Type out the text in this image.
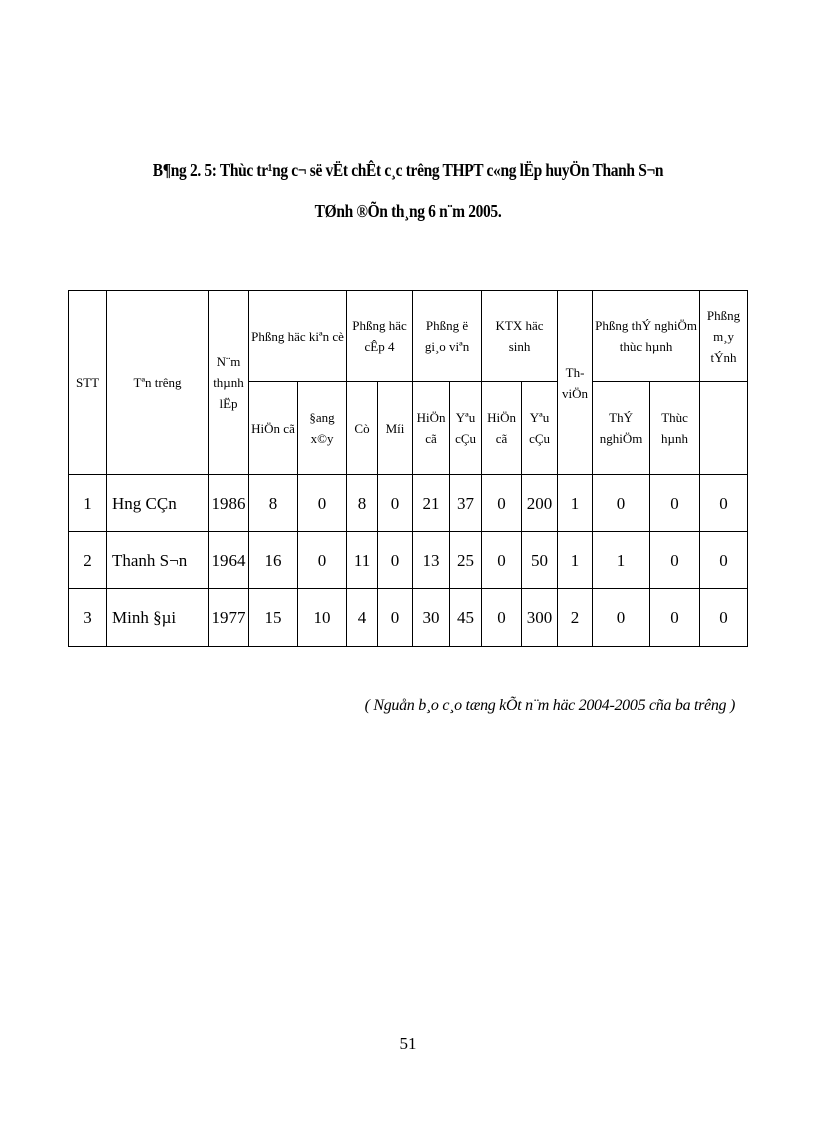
B¶ng 2. 5: Thùc tr¹ng c¬ së vËt chÊt c¸c trêng THPT c«ng lËp huyÖn Thanh S¬n
TØnh ®Õn th¸ng 6 n¨m 2005.
STT	Tªn trêng	N¨m thµnh lËp	Phßng häc kiªn cè		Phßng häc cÊp 4		Phßng ë gi¸o viªn		KTX häc sinh		Th viÖn	Phßng thÝ nghiÖm thùc hµnh		Phßng m¸y tÝnh
			HiÖn cã	§ang x©y	Cò	Míi	HiÖn cã	Yªu cÇu	HiÖn cã	Yªu cÇu		ThÝ nghiÖm	Thùc hµnh	
1	Hng CÇn	1986	8	0	8	0	21	37	0	200	1	0	0	0
2	Thanh S¬n	1964	16	0	11	0	13	25	0	50	1	1	0	0
3	Minh §µi	1977	15	10	4	0	30	45	0	300	2	0	0	0
( Nguån b¸o c¸o tæng kÕt n¨m häc 2004-2005 cña ba trêng )
51
